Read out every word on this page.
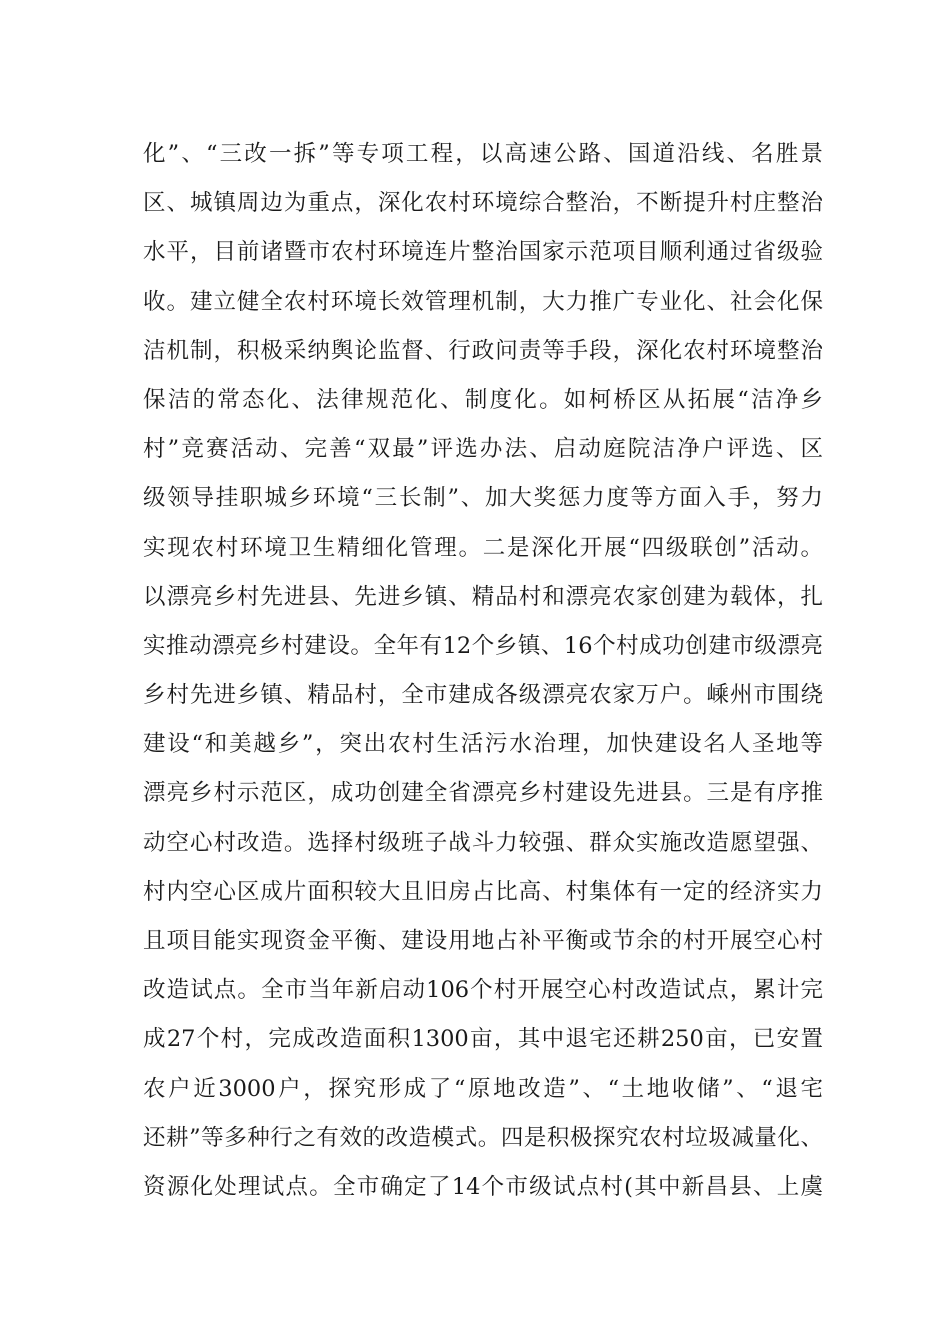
化”、“三改一拆”等专项工程，以高速公路、国道沿线、名胜景
区、城镇周边为重点，深化农村环境综合整治，不断提升村庄整治
水平，目前诸暨市农村环境连片整治国家示范项目顺利通过省级验
收。建立健全农村环境长效管理机制，大力推广专业化、社会化保
洁机制，积极采纳舆论监督、行政问责等手段，深化农村环境整治
保洁的常态化、法律规范化、制度化。如柯桥区从拓展“洁净乡
村”竞赛活动、完善“双最”评选办法、启动庭院洁净户评选、区
级领导挂职城乡环境“三长制”、加大奖惩力度等方面入手，努力
实现农村环境卫生精细化管理。二是深化开展“四级联创”活动。
以漂亮乡村先进县、先进乡镇、精品村和漂亮农家创建为载体，扎
实推动漂亮乡村建设。全年有12个乡镇、16个村成功创建市级漂亮
乡村先进乡镇、精品村，全市建成各级漂亮农家万户。嵊州市围绕
建设“和美越乡”，突出农村生活污水治理，加快建设名人圣地等
漂亮乡村示范区，成功创建全省漂亮乡村建设先进县。三是有序推
动空心村改造。选择村级班子战斗力较强、群众实施改造愿望强、
村内空心区成片面积较大且旧房占比高、村集体有一定的经济实力
且项目能实现资金平衡、建设用地占补平衡或节余的村开展空心村
改造试点。全市当年新启动106个村开展空心村改造试点，累计完
成27个村，完成改造面积1300亩，其中退宅还耕250亩，已安置
农户近3000户，探究形成了“原地改造”、“土地收储”、“退宅
还耕”等多种行之有效的改造模式。四是积极探究农村垃圾减量化、
资源化处理试点。全市确定了14个市级试点村(其中新昌县、上虞
